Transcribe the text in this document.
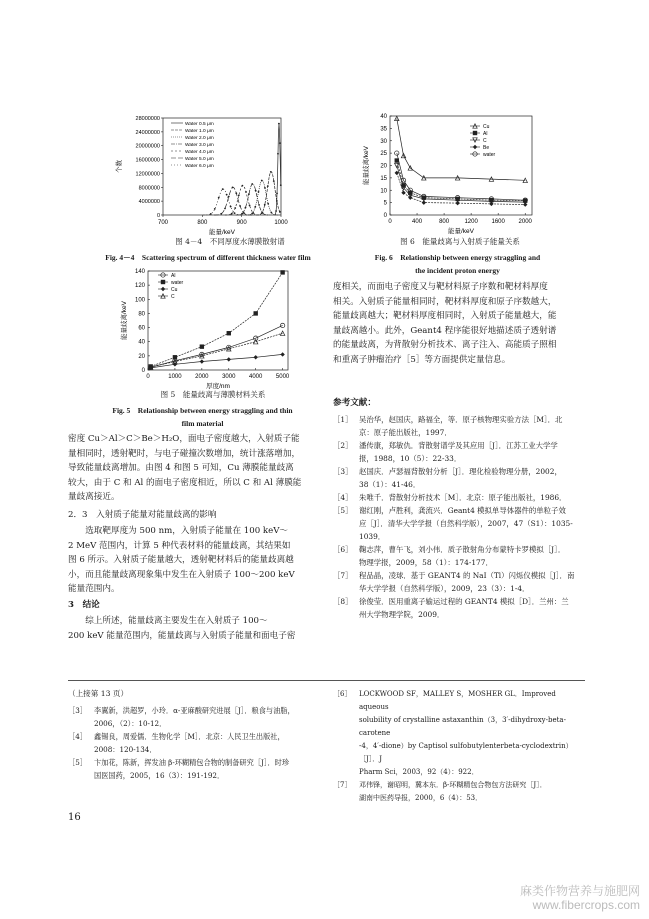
0
4000000
8000000
12000000
16000000
20000000
24000000
28000000
700	800	900	1000
能量/keV
个数
Water 0.5 μm
Water 1.0 μm
Water 2.0 μm
Water 3.0 μm
Water 4.0 μm
Water 5.0 μm
Water 6.0 μm
图 4－4　不同厚度水薄膜散射谱
Fig. 4－4　Scattering spectrum of different thickness water film
0
20
40
60
80
100
120
140
0	1000 2000 3000 4000 5000
厚度/nm
能量歧离/keV
Al
water
Cu
C
图 5　能量歧离与薄膜材料关系
Fig. 5　Relationship between energy straggling and thin
film material
0
5
10
15
20
25
30
35
40
0	400	800	1200 1600 2000
能量/keV
能量歧离/keV
Cu
Al
C
Be
water
图 6　能量歧离与入射质子能量关系
Fig. 6　Relationship between energy straggling and
the incident proton energy

密度 Cu＞Al＞C＞Be＞H₂O，面电子密度越大，入射质子能

量相同时，透射靶时，与电子碰撞次数增加，统计涨落增加，

导致能量歧离增加。由图 4 和图 5 可知，Cu 薄膜能量歧离

较大，由于 C 和 Al 的面电子密度相近，所以 C 和 Al 薄膜能

量歧离接近。

2．3　入射质子能量对能量歧离的影响

选取靶厚度为 500 nm，入射质子能量在 100 keV～

2 MeV 范围内，计算 5 种代表材料的能量歧离，其结果如

图 6 所示。入射质子能量越大，透射靶材料后的能量歧离越

小，而且能量歧离现象集中发生在入射质子 100～200 keV

能量范围内。

3　结论

综上所述，能量歧离主要发生在入射质子 100～

200 keV 能量范围内，能量歧离与入射质子能量和面电子密

度相关，而面电子密度又与靶材料原子序数和靶材料厚度

相关。入射质子能量相同时，靶材料厚度和原子序数越大，

能量歧离越大；靶材料厚度相同时，入射质子能量越大，能

量歧离越小。此外，Geant4 程序能很好地描述质子透射谱

的能量歧离，为背散射分析技术、离子注入、高能质子照相

和重离子肿瘤治疗［5］等方面提供定量信息。

参考文献：
［1］ 吴治华，赵国庆，路福全，等．原子核物理实验方法［M］．北
京：原子能出版社，1997．
［2］ 潘传康，郑敏仇．背散射谱学及其应用［J］．江苏工业大学学
报，1988，10（5）：22-33．
［3］ 赵国庆．卢瑟福背散射分析［J］．理化检验物理分册，2002，
38（1）：41-46．
［4］ 朱唯千．背散射分析技术［M］．北京：原子能出版社，1986．
［5］ 谢红刚，卢胜利，龚流兴．Geant4 模拟单导体器件的单粒子效
应［J］．清华大学学报（自然科学版），2007，47（S1）：1035-
1039．
［6］ 鞠志萍，曹午飞，刘小伟．质子散射角分布蒙特卡罗模拟［J］．
物理学报，2009，58（1）：174-177．
［7］ 程品晶，凌球．基于 GEANT4 的 NaI（Tl）闪烁仪模拟［J］．南
华大学学报（自然科学版），2009，23（3）：1-4．
［8］ 徐俊莹．医用重离子输运过程的 GEANT4 模拟［D］．兰州：兰
州大学物理学院，2009．
（上接第 13 页）
［3］ 李翼新，洪超罗，小玲．α-亚麻酸研究进展［J］．粮食与油脂，
2006，（2）：10-12．
［4］ 鑫锡良，周爱儒．生物化学［M］．北京：人民卫生出版社，
2008：120-134．
［5］ 卞加花，陈新，挥发油 β-环糊精包合物的制备研究［J］．时珍
国医国药，2005，16（3）：191-192．
［6］	LOCKWOOD SF，MALLEY S，MOSHER GL．Improved aqueous
solubility of crystalline astaxanthin（3，3′-dihydroxy-beta-carotene
-4，4′-dione）by Captisol sulfobutylenterbeta-cyclodextrin）［J］．J
Pharm Sci，2003，92（4）：922．
［7］	邓伟锋，谢昭明，冀本东．β-环糊精包合物包方法研究［J］．
湖南中医药导报，2000，6（4）：53．
16
麻类作物营养与施肥网 www.fibercrops.com
